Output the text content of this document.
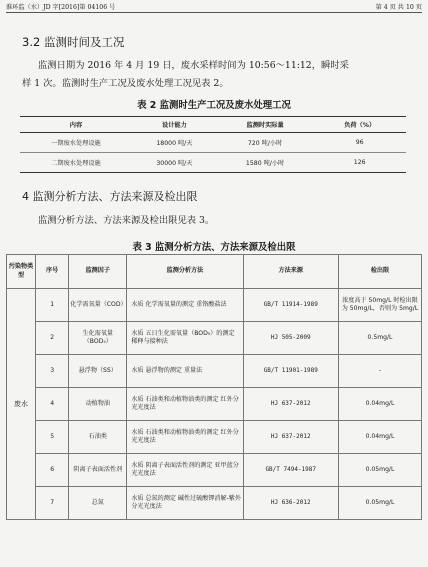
淮环监（水）JD 字[2016]第 04106 号	第 4 页 共 10 页
3.2 监测时间及工况
监测日期为 2016 年 4 月 19 日，废水采样时间为 10:56～11:12，瞬时采
样 1 次。监测时生产工况及废水处理工况见表 2。
表 2 监测时生产工况及废水处理工况
内容	设计能力	监测时实际量	负荷（%）
一期废水处理设施	18000 吨/天	720 吨/小时	96
二期废水处理设施	30000 吨/天	1580 吨/小时	126
4 监测分析方法、方法来源及检出限
监测分析方法、方法来源及检出限见表 3。
表 3 监测分析方法、方法来源及检出限
污染物类型	序号	监测因子	监测分析方法	方法来源	检出限
废水	1	化学需氧量（COD）	水质 化学需氧量的测定 重铬酸盐法	GB/T 11914-1989	浓度高于 50mg/L 时检出限为 50mg/L，否则为 5mg/L
	2	生化需氧量（BOD₅）	水质 五日生化需氧量（BOD₅）的测定 稀释与接种法	HJ 505-2009	0.5mg/L
	3	悬浮物（SS）	水质 悬浮物的测定 重量法	GB/T 11901-1989	-
	4	动植物油	水质 石油类和动植物油类的测定 红外分光光度法	HJ 637-2012	0.04mg/L
	5	石油类	水质 石油类和动植物油类的测定 红外分光光度法	HJ 637-2012	0.04mg/L
	6	阴离子表面活性剂	水质 阴离子表面活性剂的测定 亚甲蓝分光光度法	GB/T 7494-1987	0.05mg/L
	7	总氮	水质 总氮的测定 碱性过硫酸钾消解-紫外分光光度法	HJ 636-2012	0.05mg/L
